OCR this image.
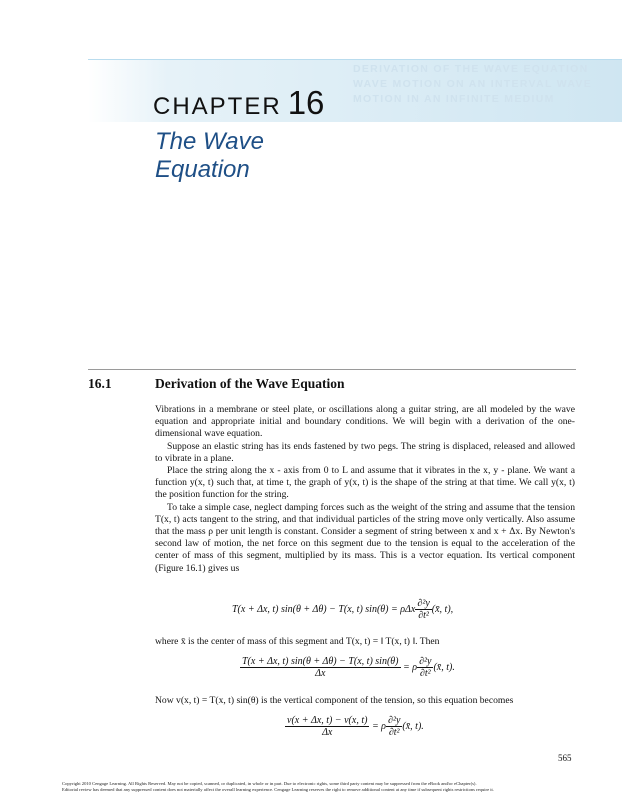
DERIVATION OF THE WAVE EQUATION
WAVE MOTION ON AN INTERVAL WAVE
MOTION IN AN INFINITE MEDIUM
CHAPTER 16
The Wave
Equation
16.1	Derivation of the Wave Equation

Vibrations in a membrane or steel plate, or oscillations along a guitar string, are all modeled by the wave equation and appropriate initial and boundary conditions. We will begin with a derivation of the one-dimensional wave equation.

Suppose an elastic string has its ends fastened by two pegs. The string is displaced, released and allowed to vibrate in a plane.

Place the string along the x - axis from 0 to L and assume that it vibrates in the x, y - plane. We want a function y(x, t) such that, at time t, the graph of y(x, t) is the shape of the string at that time. We call y(x, t) the position function for the string.

To take a simple case, neglect damping forces such as the weight of the string and assume that the tension T(x, t) acts tangent to the string, and that individual particles of the string move only vertically. Also assume that the mass ρ per unit length is constant. Consider a segment of string between x and x + Δx. By Newton's second law of motion, the net force on this segment due to the tension is equal to the acceleration of the center of mass of this segment, multiplied by its mass. This is a vector equation. Its vertical component (Figure 16.1) gives us

T(x + Δx, t) sin(θ + Δθ) − T(x, t) sin(θ) = ρΔx $\frac{\text{∂²y}}{\text{∂t²}}$ (x̄, t),
where x̄ is the center of mass of this segment and T(x, t) = ‖ T(x, t) ‖. Then
$\frac{T(x + \Delta x, t) \sin(\theta + \Delta\theta) - T(x, t) \sin(\theta)}{\Delta x} = \rho \frac{\text{∂²y}}{\text{∂t²}}$ (x̄, t).
Now v(x, t) = T(x, t) sin(θ) is the vertical component of the tension, so this equation becomes
$\frac{v(x + \Delta x, t) - v(x, t)}{\Delta x} = \rho \frac{\text{∂²y}}{\text{∂t²}}$ (x̄, t).
565
Copyright 2010 Cengage Learning. All Rights Reserved. May not be copied, scanned, or duplicated, in whole or in part. Due to electronic rights, some third party content may be suppressed from the eBook and/or eChapter(s).
Editorial review has deemed that any suppressed content does not materially affect the overall learning experience. Cengage Learning reserves the right to remove additional content at any time if subsequent rights restrictions require it.
